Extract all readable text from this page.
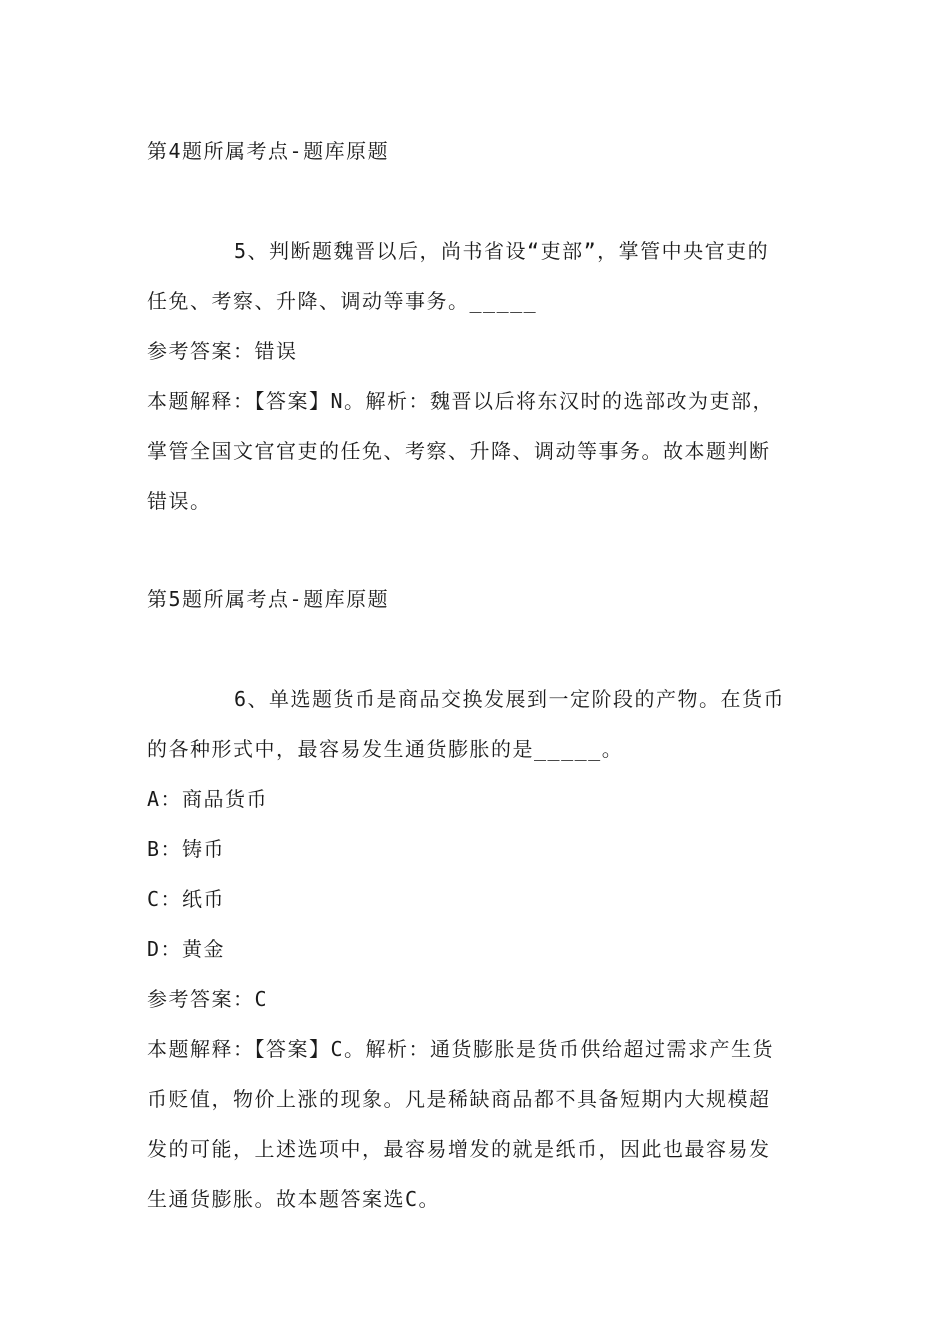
第4题所属考点-题库原题
5、判断题魏晋以后，尚书省设“吏部”，掌管中央官吏的
任免、考察、升降、调动等事务。_____
参考答案：错误
本题解释：【答案】N。解析：魏晋以后将东汉时的选部改为吏部，
掌管全国文官官吏的任免、考察、升降、调动等事务。故本题判断
错误。
第5题所属考点-题库原题
6、单选题货币是商品交换发展到一定阶段的产物。在货币
的各种形式中，最容易发生通货膨胀的是_____。
A：商品货币
B：铸币
C：纸币
D：黄金
参考答案：C
本题解释：【答案】C。解析：通货膨胀是货币供给超过需求产生货
币贬值，物价上涨的现象。凡是稀缺商品都不具备短期内大规模超
发的可能，上述选项中，最容易增发的就是纸币，因此也最容易发
生通货膨胀。故本题答案选C。
